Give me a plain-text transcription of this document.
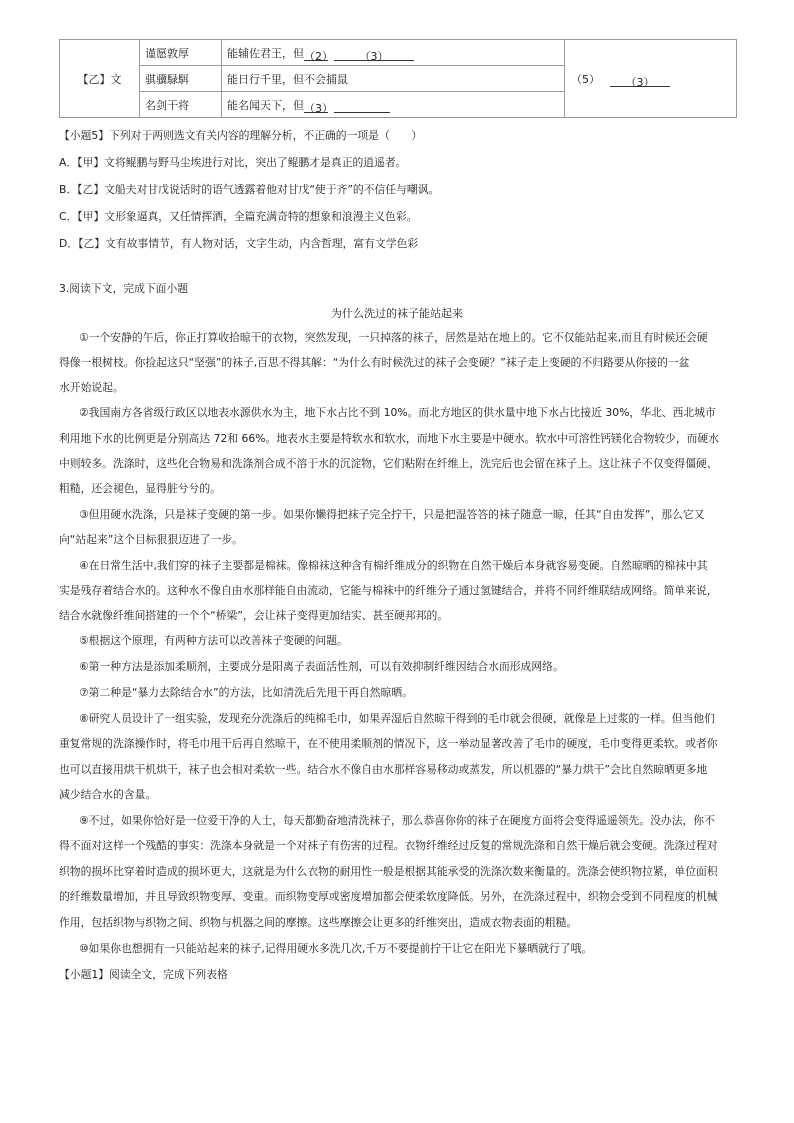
【乙】文	谨愿敦厚	能辅佐君王，但（2） （3）	（5） （3）
	骐骥騄駬	能日行千里，但不会捕鼠	
	名剑干将	能名闻天下，但（3）	
【小题5】下列对于两则选文有关内容的理解分析，不正确的一项是（　　）
A．【甲】文将鲲鹏与野马尘埃进行对比，突出了鲲鹏才是真正的逍遥者。
B．【乙】文船夫对甘戊说话时的语气透露着他对甘戊“使于齐”的不信任与嘲讽。
C．【甲】文形象逼真，又任情挥洒，全篇充满奇特的想象和浪漫主义色彩。
D．【乙】文有故事情节，有人物对话，文字生动，内含哲理，富有文学色彩
3.阅读下文，完成下面小题
为什么洗过的袜子能站起来
①一个安静的午后，你正打算收拾晾干的衣物，突然发现，一只掉落的袜子，居然是站在地上的。它不仅能站起来,而且有时候还会硬
得像一根树枝。你捡起这只“坚强”的袜子,百思不得其解：“为什么有时候洗过的袜子会变硬？”袜子走上变硬的不归路要从你接的一盆
水开始说起。
②我国南方各省级行政区以地表水源供水为主，地下水占比不到 10%。而北方地区的供水量中地下水占比接近 30%，华北、西北城市
利用地下水的比例更是分别高达 72和 66%。地表水主要是特软水和软水，而地下水主要是中硬水。软水中可溶性钙镁化合物较少，而硬水
中则较多。洗涤时，这些化合物易和洗涤剂合成不溶于水的沉淀物，它们粘附在纤维上，洗完后也会留在袜子上。这让袜子不仅变得僵硬、
粗糙，还会褪色，显得脏兮兮的。
③但用硬水洗涤，只是袜子变硬的第一步。如果你懒得把袜子完全拧干，只是把湿答答的袜子随意一晾，任其“自由发挥”，那么它又
向“站起来”这个目标狠狠迈进了一步。
④在日常生活中,我们穿的袜子主要都是棉袜。像棉袜这种含有棉纤维成分的织物在自然干燥后本身就容易变硬。自然晾晒的棉袜中其
实是残存着结合水的。这种水不像自由水那样能自由流动，它能与棉袜中的纤维分子通过氢键结合，并将不同纤维联结成网络。简单来说，
结合水就像纤维间搭建的一个个“桥梁”，会让袜子变得更加结实、甚至硬邦邦的。
⑤根据这个原理，有两种方法可以改善袜子变硬的问题。
⑥第一种方法是添加柔顺剂，主要成分是阳离子表面活性剂，可以有效抑制纤维因结合水而形成网络。
⑦第二种是“暴力去除结合水”的方法，比如清洗后先甩干再自然晾晒。
⑧研究人员设计了一组实验，发现充分洗涤后的纯棉毛巾，如果弄湿后自然晾干得到的毛巾就会很硬，就像是上过浆的一样。但当他们
重复常规的洗涤操作时，将毛巾甩干后再自然晾干，在不使用柔顺剂的情况下，这一举动显著改善了毛巾的硬度，毛巾变得更柔软。或者你
也可以直接用烘干机烘干，袜子也会相对柔软一些。结合水不像自由水那样容易移动或蒸发，所以机器的“暴力烘干”会比自然晾晒更多地
减少结合水的含量。
⑨不过，如果你恰好是一位爱干净的人士，每天都勤奋地清洗袜子，那么恭喜你你的袜子在硬度方面将会变得遥遥领先。没办法，你不
得不面对这样一个残酷的事实：洗涤本身就是一个对袜子有伤害的过程。衣物纤维经过反复的常规洗涤和自然干燥后就会变硬。洗涤过程对
织物的损坏比穿着时造成的损坏更大，这就是为什么衣物的耐用性一般是根据其能承受的洗涤次数来衡量的。洗涤会使织物拉紧，单位面积
的纤维数量增加，并且导致织物变厚、变重。而织物变厚或密度增加都会使柔软度降低。另外，在洗涤过程中，织物会受到不同程度的机械
作用，包括织物与织物之间、织物与机器之间的摩擦。这些摩擦会让更多的纤维突出，造成衣物表面的粗糙。
⑩如果你也想拥有一只能站起来的袜子,记得用硬水多洗几次,千万不要提前拧干让它在阳光下暴晒就行了哦。
【小题1】阅读全文，完成下列表格
